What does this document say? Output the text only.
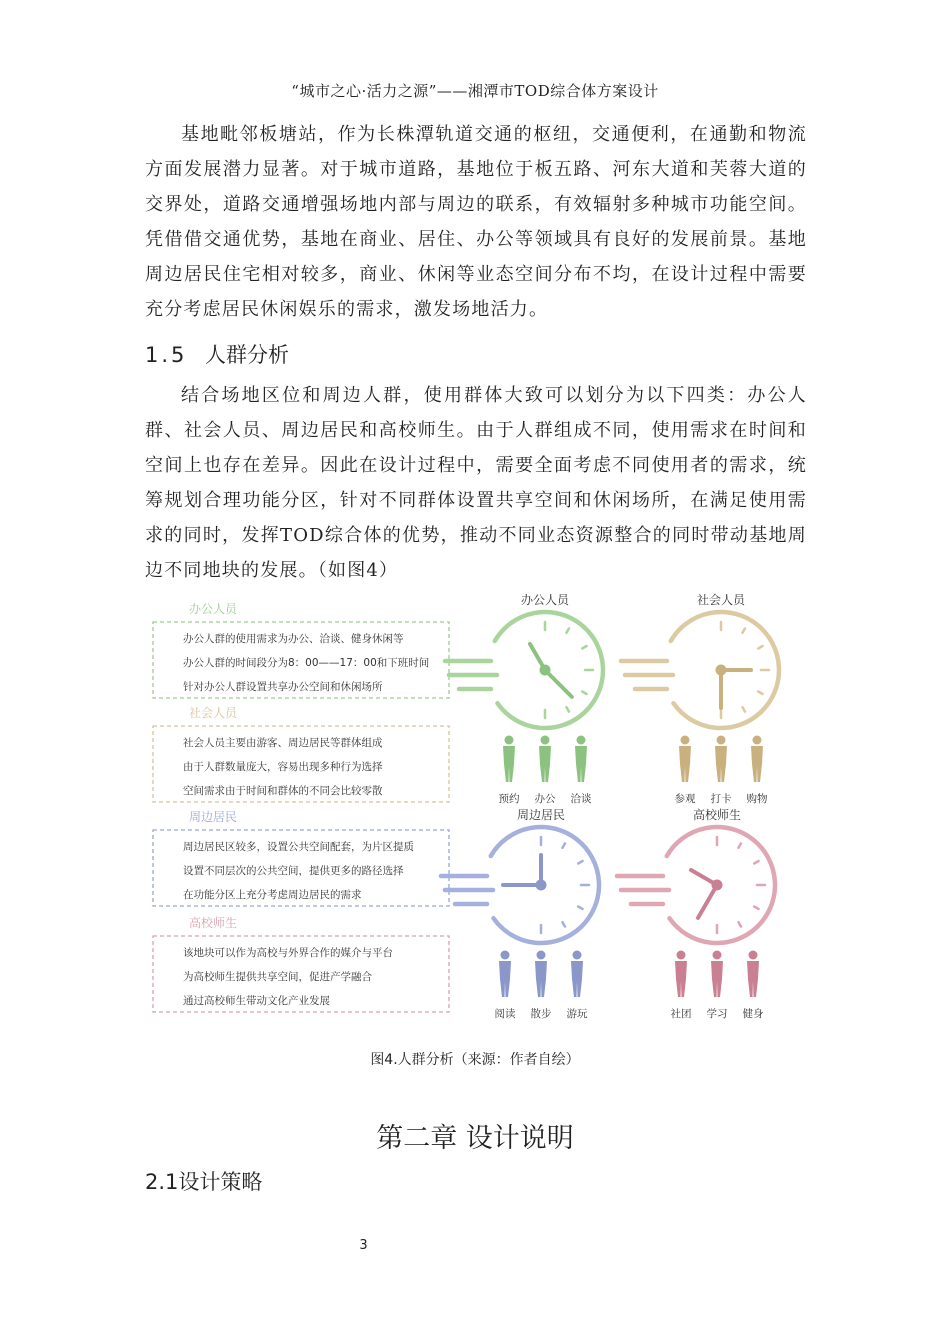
“城市之心·活力之源”——湘潭市TOD综合体方案设计

基地毗邻板塘站，作为长株潭轨道交通的枢纽，交通便利，在通勤和物流方面发展潜力显著。对于城市道路，基地位于板五路、河东大道和芙蓉大道的交界处，道路交通增强场地内部与周边的联系，有效辐射多种城市功能空间。凭借借交通优势，基地在商业、居住、办公等领域具有良好的发展前景。基地周边居民住宅相对较多，商业、休闲等业态空间分布不均，在设计过程中需要充分考虑居民休闲娱乐的需求，激发场地活力。

1.5 人群分析

结合场地区位和周边人群，使用群体大致可以划分为以下四类：办公人群、社会人员、周边居民和高校师生。由于人群组成不同，使用需求在时间和空间上也存在差异。因此在设计过程中，需要全面考虑不同使用者的需求，统筹规划合理功能分区，针对不同群体设置共享空间和休闲场所，在满足使用需求的同时，发挥TOD综合体的优势，推动不同业态资源整合的同时带动基地周边不同地块的发展。（如图4）

办公人员
办公人群的使用需求为办公、洽谈、健身休闲等
办公人群的时间段分为8：00——17：00和下班时间
针对办公人群设置共享办公空间和休闲场所
社会人员
社会人员主要由游客、周边居民等群体组成
由于人群数量庞大，容易出现多种行为选择
空间需求由于时间和群体的不同会比较零散
周边居民
周边居民区较多，设置公共空间配套，为片区提质
设置不同层次的公共空间，提供更多的路径选择
在功能分区上充分考虑周边居民的需求
高校师生
该地块可以作为高校与外界合作的媒介与平台
为高校师生提供共享空间，促进产学融合
通过高校师生带动文化产业发展
办公人员
预约 办公 洽谈
社会人员
参观 打卡 购物
周边居民
阅读 散步 游玩
高校师生
社团 学习 健身
图4.人群分析（来源：作者自绘）
第二章 设计说明
2.1设计策略
3
